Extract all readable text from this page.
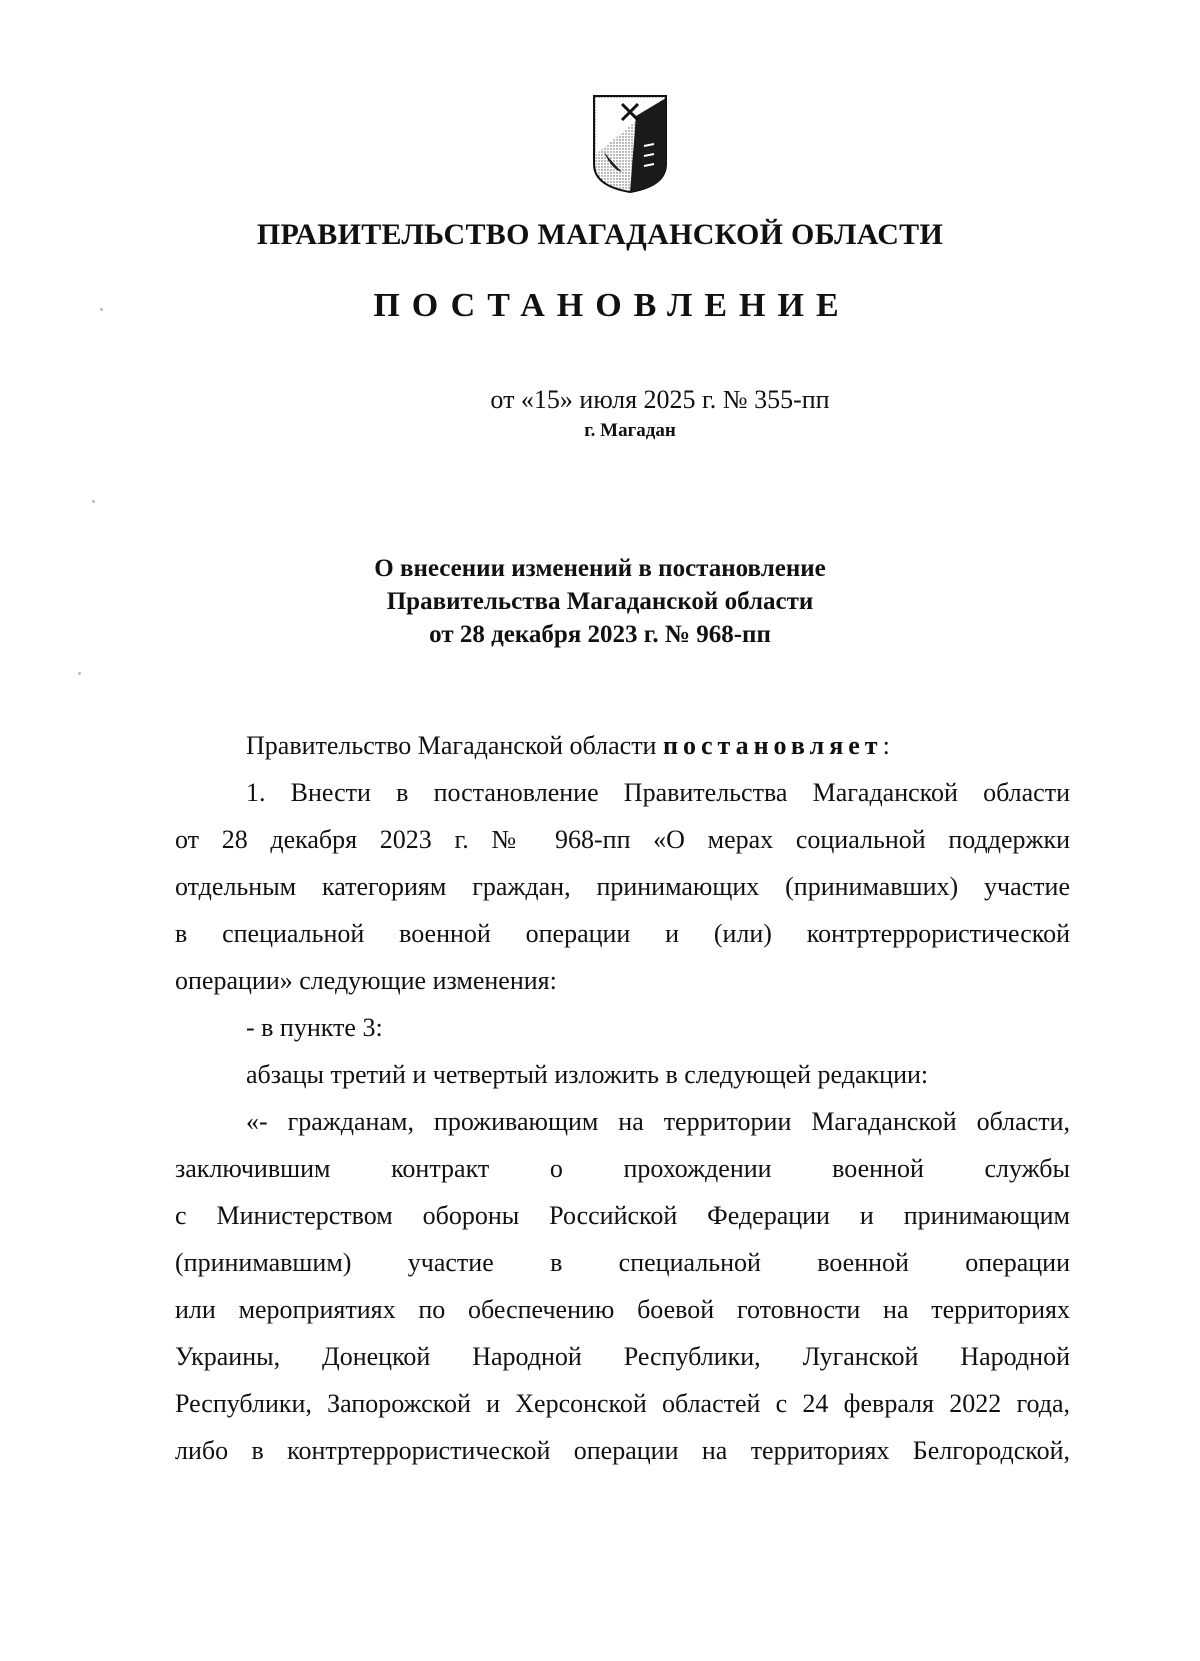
ПРАВИТЕЛЬСТВО МАГАДАНСКОЙ ОБЛАСТИ
ПОСТАНОВЛЕНИЕ
от «15» июля 2025 г. № 355-пп
г. Магадан
О внесении изменений в постановление
Правительства Магаданской области
от 28 декабря 2023 г. № 968-пп
Правительство Магаданской области постановляет:
1. Внести в постановление Правительства Магаданской области
от 28 декабря 2023 г. № 968-пп «О мерах социальной поддержки
отдельным категориям граждан, принимающих (принимавших) участие
в специальной военной операции и (или) контртеррористической
операции» следующие изменения:
- в пункте 3:
абзацы третий и четвертый изложить в следующей редакции:
«- гражданам, проживающим на территории Магаданской области,
заключившим контракт о прохождении военной службы
с Министерством обороны Российской Федерации и принимающим
(принимавшим) участие в специальной военной операции
или мероприятиях по обеспечению боевой готовности на территориях
Украины, Донецкой Народной Республики, Луганской Народной
Республики, Запорожской и Херсонской областей с 24 февраля 2022 года,
либо в контртеррористической операции на территориях Белгородской,
